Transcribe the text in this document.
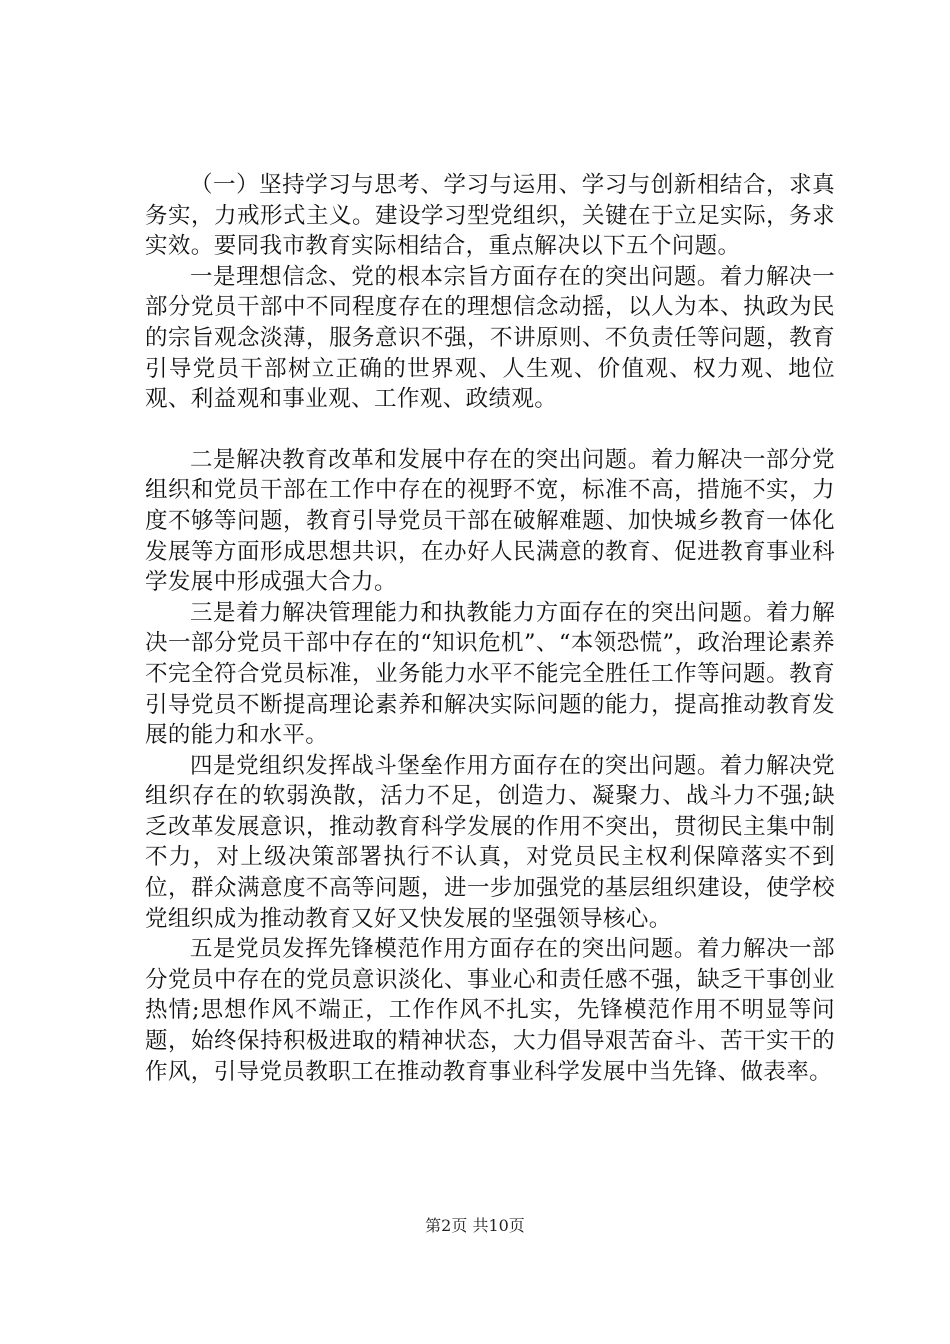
（一）坚持学习与思考、学习与运用、学习与创新相结合，求真务实，力戒形式主义。建设学习型党组织，关键在于立足实际，务求实效。要同我市教育实际相结合，重点解决以下五个问题。

一是理想信念、党的根本宗旨方面存在的突出问题。着力解决一部分党员干部中不同程度存在的理想信念动摇，以人为本、执政为民的宗旨观念淡薄，服务意识不强，不讲原则、不负责任等问题，教育引导党员干部树立正确的世界观、人生观、价值观、权力观、地位观、利益观和事业观、工作观、政绩观。

二是解决教育改革和发展中存在的突出问题。着力解决一部分党组织和党员干部在工作中存在的视野不宽，标准不高，措施不实，力度不够等问题，教育引导党员干部在破解难题、加快城乡教育一体化发展等方面形成思想共识，在办好人民满意的教育、促进教育事业科学发展中形成强大合力。

三是着力解决管理能力和执教能力方面存在的突出问题。着力解决一部分党员干部中存在的“知识危机”、“本领恐慌”，政治理论素养不完全符合党员标准，业务能力水平不能完全胜任工作等问题。教育引导党员不断提高理论素养和解决实际问题的能力，提高推动教育发展的能力和水平。

四是党组织发挥战斗堡垒作用方面存在的突出问题。着力解决党组织存在的软弱涣散，活力不足，创造力、凝聚力、战斗力不强;缺乏改革发展意识，推动教育科学发展的作用不突出，贯彻民主集中制不力，对上级决策部署执行不认真，对党员民主权利保障落实不到位，群众满意度不高等问题，进一步加强党的基层组织建设，使学校党组织成为推动教育又好又快发展的坚强领导核心。

五是党员发挥先锋模范作用方面存在的突出问题。着力解决一部分党员中存在的党员意识淡化、事业心和责任感不强，缺乏干事创业热情;思想作风不端正，工作作风不扎实，先锋模范作用不明显等问题，始终保持积极进取的精神状态，大力倡导艰苦奋斗、苦干实干的作风，引导党员教职工在推动教育事业科学发展中当先锋、做表率。

第2页 共10页
